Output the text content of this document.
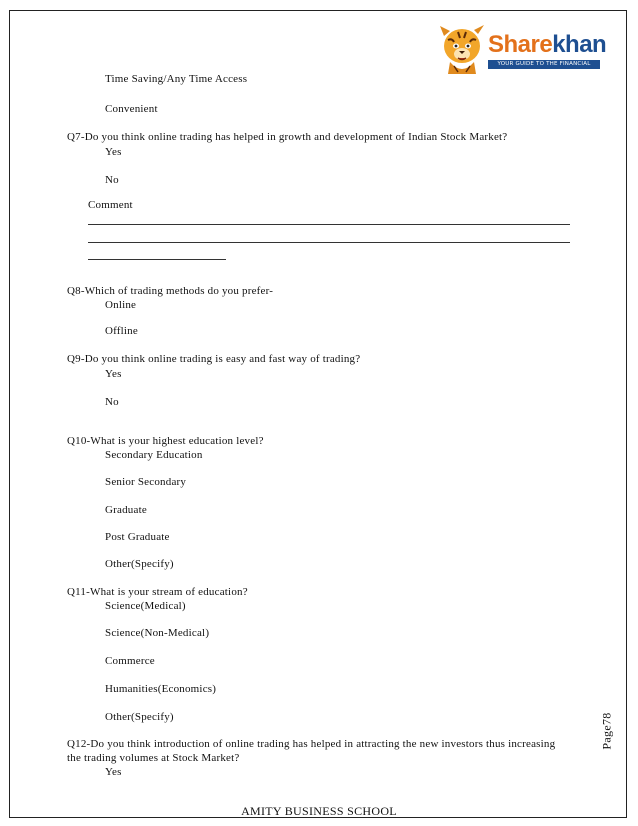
Sharekhan
YOUR GUIDE TO THE FINANCIAL JUNGLE
Time Saving/Any Time Access
Convenient
Q7-Do you think online trading has helped in growth and development of Indian Stock Market?
Yes
No
Comment
Q8-Which of trading methods do you prefer-
Online
Offline
Q9-Do you think online trading is easy and fast way of trading?
Yes
No
Q10-What is your highest education level?
Secondary Education
Senior Secondary
Graduate
Post Graduate
Other(Specify)
Q11-What is your stream of education?
Science(Medical)
Science(Non-Medical)
Commerce
Humanities(Economics)
Other(Specify)
Q12-Do you think introduction of online trading has helped in attracting the new investors thus increasing
the trading volumes at Stock Market?
Yes
Page78
AMITY BUSINESS SCHOOL
